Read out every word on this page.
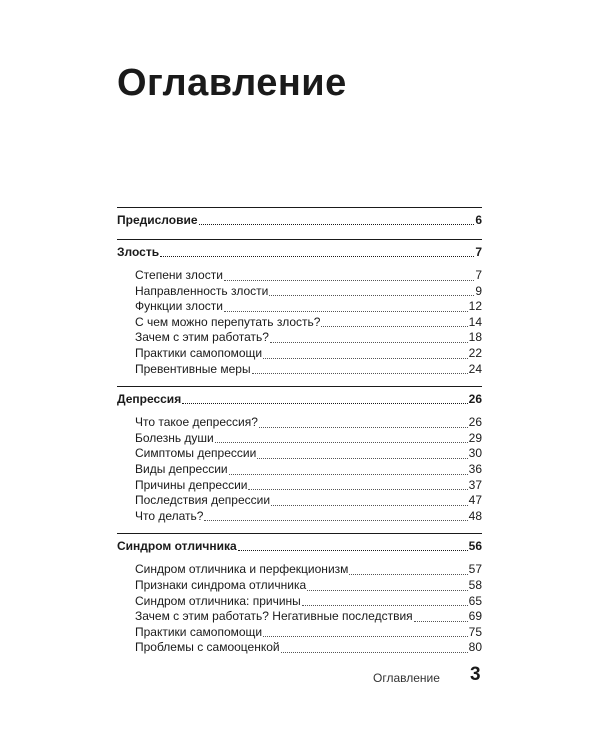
Оглавление
Предисловие	6
Злость	7
Степени злости	7
Направленность злости	9
Функции злости	12
С чем можно перепутать злость?	14
Зачем с этим работать?	18
Практики самопомощи	22
Превентивные меры	24
Депрессия	26
Что такое депрессия?	26
Болезнь души	29
Симптомы депрессии	30
Виды депрессии	36
Причины депрессии	37
Последствия депрессии	47
Что делать?	48
Синдром отличника	56
Синдром отличника и перфекционизм	57
Признаки синдрома отличника	58
Синдром отличника: причины	65
Зачем с этим работать? Негативные последствия	69
Практики самопомощи	75
Проблемы с самооценкой	80
Оглавление 3
